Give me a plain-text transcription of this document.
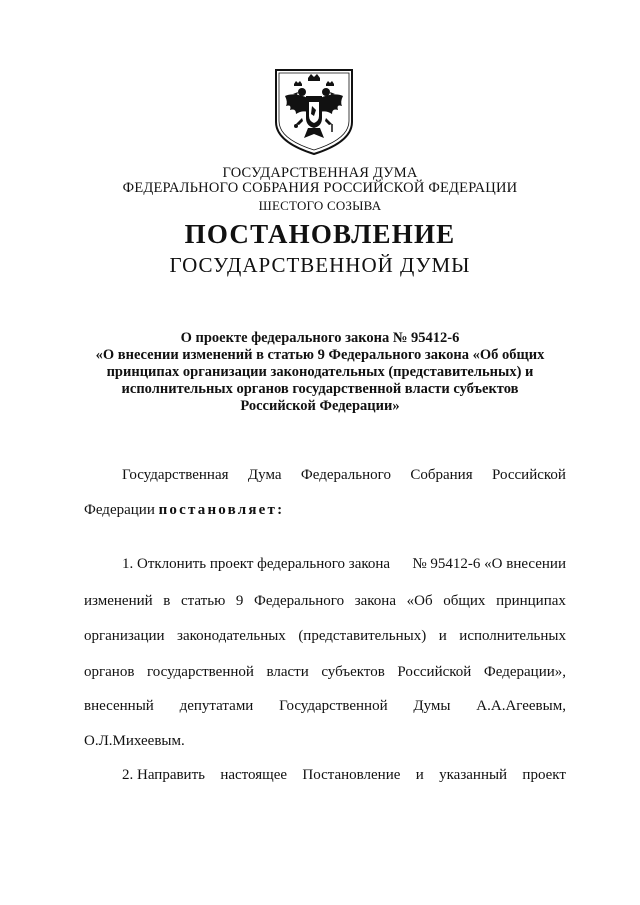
ГОСУДАРСТВЕННАЯ ДУМА
ФЕДЕРАЛЬНОГО СОБРАНИЯ РОССИЙСКОЙ ФЕДЕРАЦИИ
ШЕСТОГО СОЗЫВА
ПОСТАНОВЛЕНИЕ
ГОСУДАРСТВЕННОЙ ДУМЫ
О проекте федерального закона № 95412-6
«О внесении изменений в статью 9 Федерального закона «Об общих
принципах организации законодательных (представительных) и
исполнительных органов государственной власти субъектов
Российской Федерации»
Государственная Дума Федерального Собрания Российской
Федерации постановляет:
1. Отклонить проект федерального закона № 95412-6 «О внесении
изменений в статью 9 Федерального закона «Об общих принципах
организации законодательных (представительных) и исполнительных
органов государственной власти субъектов Российской Федерации»,
внесенный депутатами Государственной Думы А.А.Агеевым,
О.Л.Михеевым.
2. Направить настоящее Постановление и указанный проект
